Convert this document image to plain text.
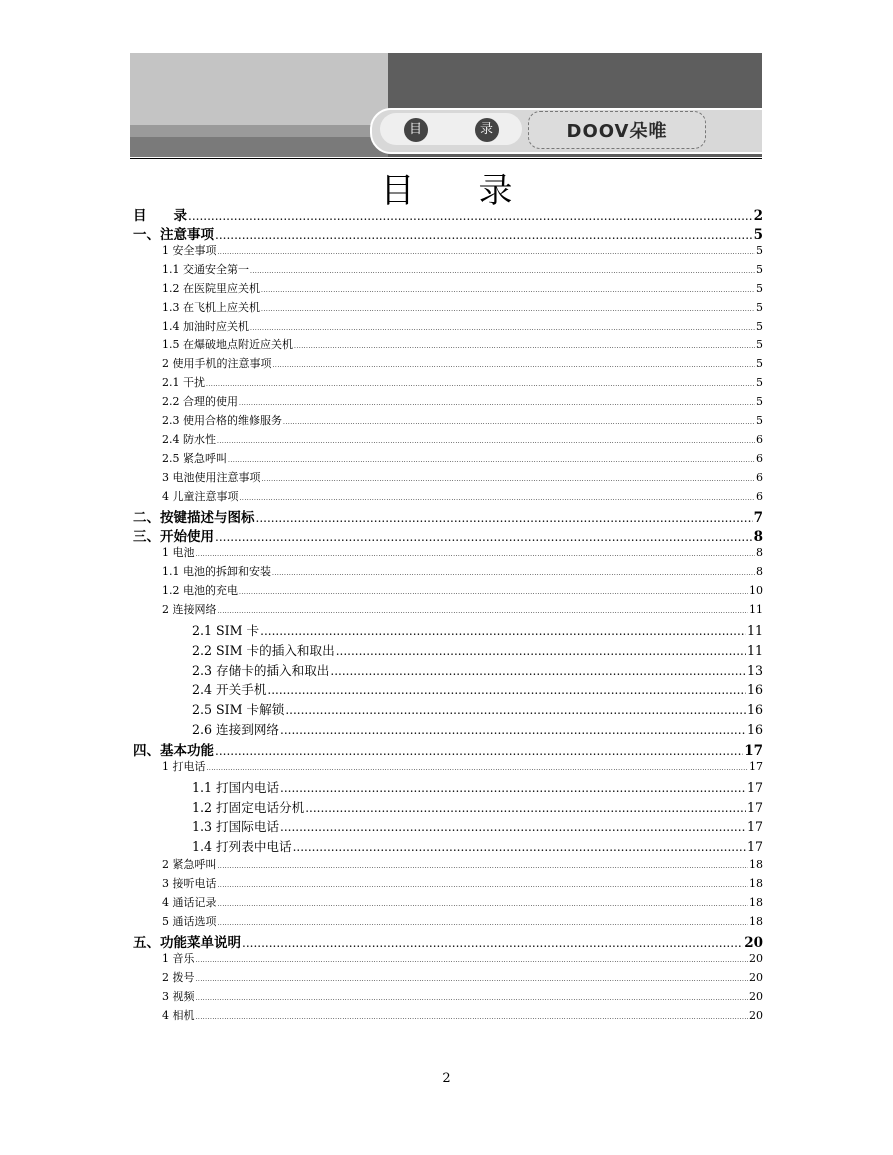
目	录	DOOV朵唯
目 录
目　　录 .....	2
一、注意事项 .....	5
1 安全事项 .....	5
1.1 交通安全第一 .....	5
1.2 在医院里应关机 .....	5
1.3 在飞机上应关机 .....	5
1.4 加油时应关机 .....	5
1.5 在爆破地点附近应关机 .....	5
2 使用手机的注意事项 .....	5
2.1 干扰 .....	5
2.2 合理的使用 .....	5
2.3 使用合格的维修服务 .....	5
2.4 防水性 .....	6
2.5 紧急呼叫 .....	6
3 电池使用注意事项 .....	6
4 儿童注意事项 .....	6
二、按键描述与图标 .....	7
三、开始使用 .....	8
1 电池 .....	8
1.1 电池的拆卸和安装 .....	8
1.2 电池的充电 .....	10
2 连接网络 .....	11
2.1 SIM 卡 .....	11
2.2 SIM 卡的插入和取出 .....	11
2.3 存储卡的插入和取出 .....	13
2.4 开关手机 .....	16
2.5 SIM 卡解锁 .....	16
2.6 连接到网络 .....	16
四、基本功能 .....	17
1 打电话 .....	17
1.1 打国内电话 .....	17
1.2 打固定电话分机 .....	17
1.3 打国际电话 .....	17
1.4 打列表中电话 .....	17
2 紧急呼叫 .....	18
3 接听电话 .....	18
4 通话记录 .....	18
5 通话选项 .....	18
五、功能菜单说明 .....	20
1 音乐 .....	20
2 拨号 .....	20
3 视频 .....	20
4 相机 .....	20
2
